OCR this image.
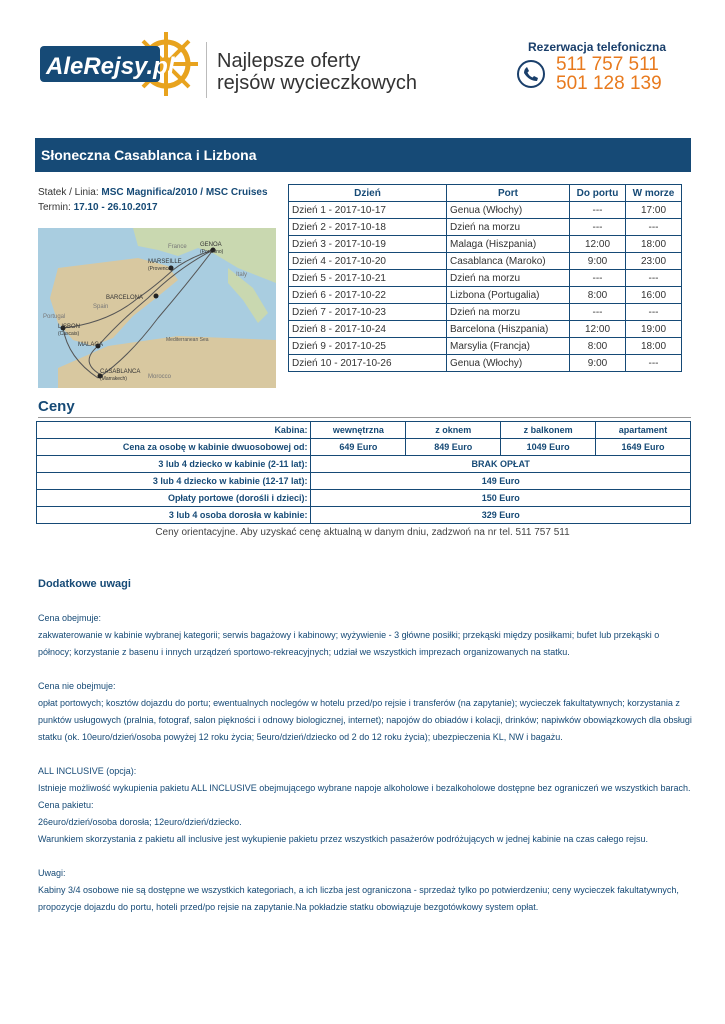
AleRejsy.pl Najlepsze oferty
rejsów wycieczkowych
Rezerwacja telefoniczna
511 757 511
501 128 139
Słoneczna Casablanca i Lizbona
Statek / Linia: MSC Magnifica/2010 / MSC Cruises
Termin: 17.10 - 26.10.2017
France GENOA
(Portofino)
MARSEILLE
(Provence)
Italy
BARCELONA
Spain
Portugal
LISBON
(Cascais)
Mediterranean Sea
MALAGA
CASABLANCA
(Marrakech)	Morocco
Dzień	Port	Do portu	W morze
Dzień 1 - 2017-10-17	Genua (Włochy)	---	17:00
Dzień 2 - 2017-10-18	Dzień na morzu	---	---
Dzień 3 - 2017-10-19	Malaga (Hiszpania)	12:00	18:00
Dzień 4 - 2017-10-20	Casablanca (Maroko)	9:00	23:00
Dzień 5 - 2017-10-21	Dzień na morzu	---	---
Dzień 6 - 2017-10-22	Lizbona (Portugalia)	8:00	16:00
Dzień 7 - 2017-10-23	Dzień na morzu	---	---
Dzień 8 - 2017-10-24	Barcelona (Hiszpania)	12:00	19:00
Dzień 9 - 2017-10-25	Marsylia (Francja)	8:00	18:00
Dzień 10 - 2017-10-26	Genua (Włochy)	9:00	---
Ceny
Kabina:	wewnętrzna	z oknem	z balkonem	apartament
Cena za osobę w kabinie dwuosobowej od:	649 Euro	849 Euro	1049 Euro	1649 Euro
3 lub 4 dziecko w kabinie (2-11 lat):	BRAK OPŁAT			
3 lub 4 dziecko w kabinie (12-17 lat):	149 Euro			
Opłaty portowe (dorośli i dzieci):	150 Euro			
3 lub 4 osoba dorosła w kabinie:	329 Euro			
Ceny orientacyjne. Aby uzyskać cenę aktualną w danym dniu, zadzwoń na nr tel. 511 757 511
Dodatkowe uwagi

Cena obejmuje:

zakwaterowanie w kabinie wybranej kategorii; serwis bagażowy i kabinowy; wyżywienie - 3 główne posiłki; przekąski między posiłkami; bufet lub przekąski o północy; korzystanie z basenu i innych urządzeń sportowo-rekreacyjnych; udział we wszystkich imprezach organizowanych na statku.

Cena nie obejmuje:

opłat portowych; kosztów dojazdu do portu; ewentualnych noclegów w hotelu przed/po rejsie i transferów (na zapytanie); wycieczek fakultatywnych; korzystania z punktów usługowych (pralnia, fotograf, salon piękności i odnowy biologicznej, internet); napojów do obiadów i kolacji, drinków; napiwków obowiązkowych dla obsługi statku (ok. 10euro/dzień/osoba powyżej 12 roku życia; 5euro/dzień/dziecko od 2 do 12 roku życia); ubezpieczenia KL, NW i bagażu.

ALL INCLUSIVE (opcja):

Istnieje możliwość wykupienia pakietu ALL INCLUSIVE obejmującego wybrane napoje alkoholowe i bezalkoholowe dostępne bez ograniczeń we wszystkich barach.

Cena pakietu:

26euro/dzień/osoba dorosła; 12euro/dzień/dziecko.

Warunkiem skorzystania z pakietu all inclusive jest wykupienie pakietu przez wszystkich pasażerów podróżujących w jednej kabinie na czas całego rejsu.

Uwagi:

Kabiny 3/4 osobowe nie są dostępne we wszystkich kategoriach, a ich liczba jest ograniczona - sprzedaż tylko po potwierdzeniu; ceny wycieczek fakultatywnych, propozycje dojazdu do portu, hoteli przed/po rejsie na zapytanie.Na pokładzie statku obowiązuje bezgotówkowy system opłat.
